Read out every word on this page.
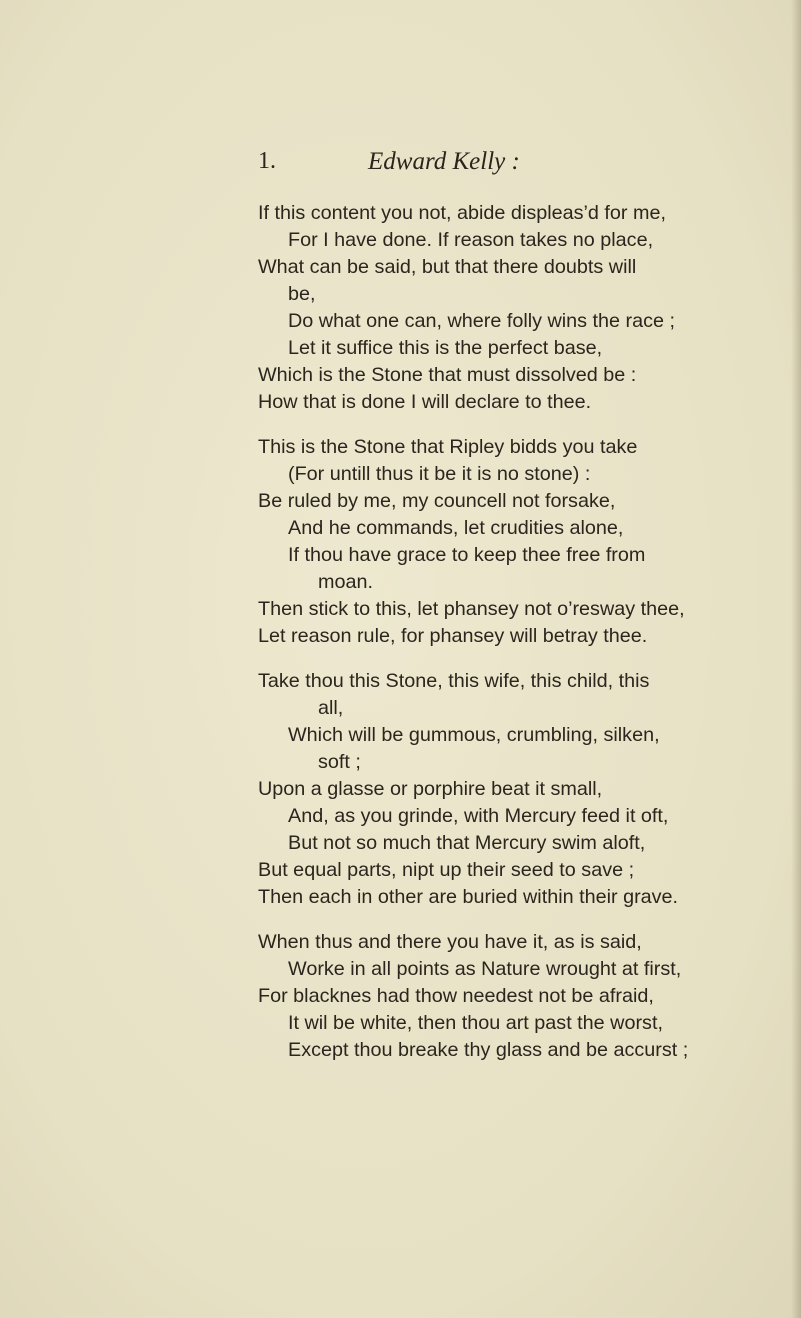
1.	Edward Kelly :
If this content you not, abide displeas’d for me,
For I have done. If reason takes no place,
What can be said, but that there doubts will
be,
Do what one can, where folly wins the race ;
Let it suffice this is the perfect base,
Which is the Stone that must dissolved be :
How that is done I will declare to thee.
This is the Stone that Ripley bidds you take
(For untill thus it be it is no stone) :
Be ruled by me, my councell not forsake,
And he commands, let crudities alone,
If thou have grace to keep thee free from
moan.
Then stick to this, let phansey not o’resway thee,
Let reason rule, for phansey will betray thee.
Take thou this Stone, this wife, this child, this
all,
Which will be gummous, crumbling, silken,
soft ;
Upon a glasse or porphire beat it small,
And, as you grinde, with Mercury feed it oft,
But not so much that Mercury swim aloft,
But equal parts, nipt up their seed to save ;
Then each in other are buried within their grave.
When thus and there you have it, as is said,
Worke in all points as Nature wrought at first,
For blacknes had thow needest not be afraid,
It wil be white, then thou art past the worst,
Except thou breake thy glass and be accurst ;
